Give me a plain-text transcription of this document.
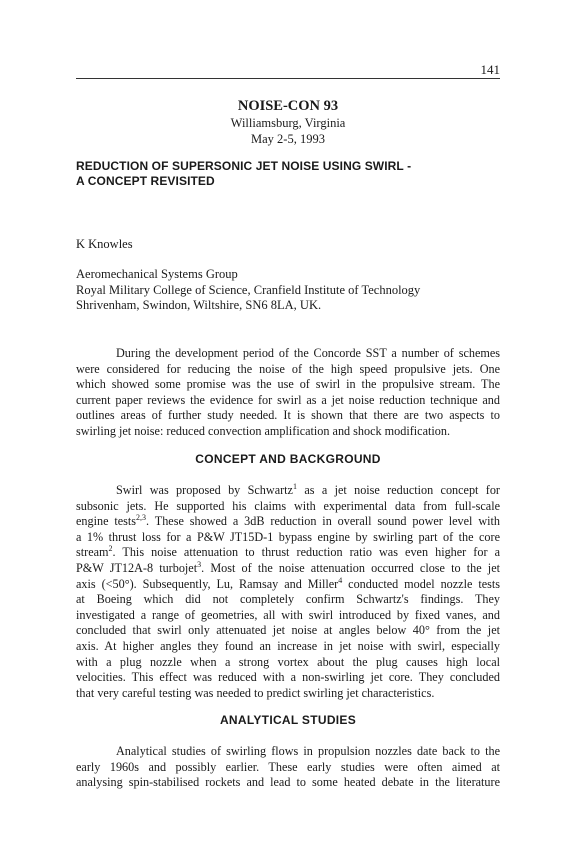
141
NOISE-CON 93
Williamsburg, Virginia
May 2-5, 1993
REDUCTION OF SUPERSONIC JET NOISE USING SWIRL -
A CONCEPT REVISITED
K Knowles
Aeromechanical Systems Group
Royal Military College of Science, Cranfield Institute of Technology
Shrivenham, Swindon, Wiltshire, SN6 8LA, UK.

During the development period of the Concorde SST a number of schemes
were considered for reducing the noise of the high speed propulsive jets. One
which showed some promise was the use of swirl in the propulsive stream. The
current paper reviews the evidence for swirl as a jet noise reduction technique and
outlines areas of further study needed. It is shown that there are two aspects to
swirling jet noise: reduced convection amplification and shock modification.

CONCEPT AND BACKGROUND

Swirl was proposed by Schwartz$^1$ as a jet noise reduction concept for
subsonic jets. He supported his claims with experimental data from full-scale
engine tests$^{2,3}$. These showed a 3dB reduction in overall sound power level with
a 1% thrust loss for a P&W JT15D-1 bypass engine by swirling part of the core
stream$^2$. This noise attenuation to thrust reduction ratio was even higher for a
P&W JT12A-8 turbojet$^3$. Most of the noise attenuation occurred close to the jet
axis (<50°). Subsequently, Lu, Ramsay and Miller$^4$ conducted model nozzle tests
at Boeing which did not completely confirm Schwartz's findings. They
investigated a range of geometries, all with swirl introduced by fixed vanes, and
concluded that swirl only attenuated jet noise at angles below 40° from the jet
axis. At higher angles they found an increase in jet noise with swirl, especially
with a plug nozzle when a strong vortex about the plug causes high local
velocities. This effect was reduced with a non-swirling jet core. They concluded
that very careful testing was needed to predict swirling jet characteristics.

ANALYTICAL STUDIES

Analytical studies of swirling flows in propulsion nozzles date back to the
early 1960s and possibly earlier. These early studies were often aimed at
analysing spin-stabilised rockets and lead to some heated debate in the literature
